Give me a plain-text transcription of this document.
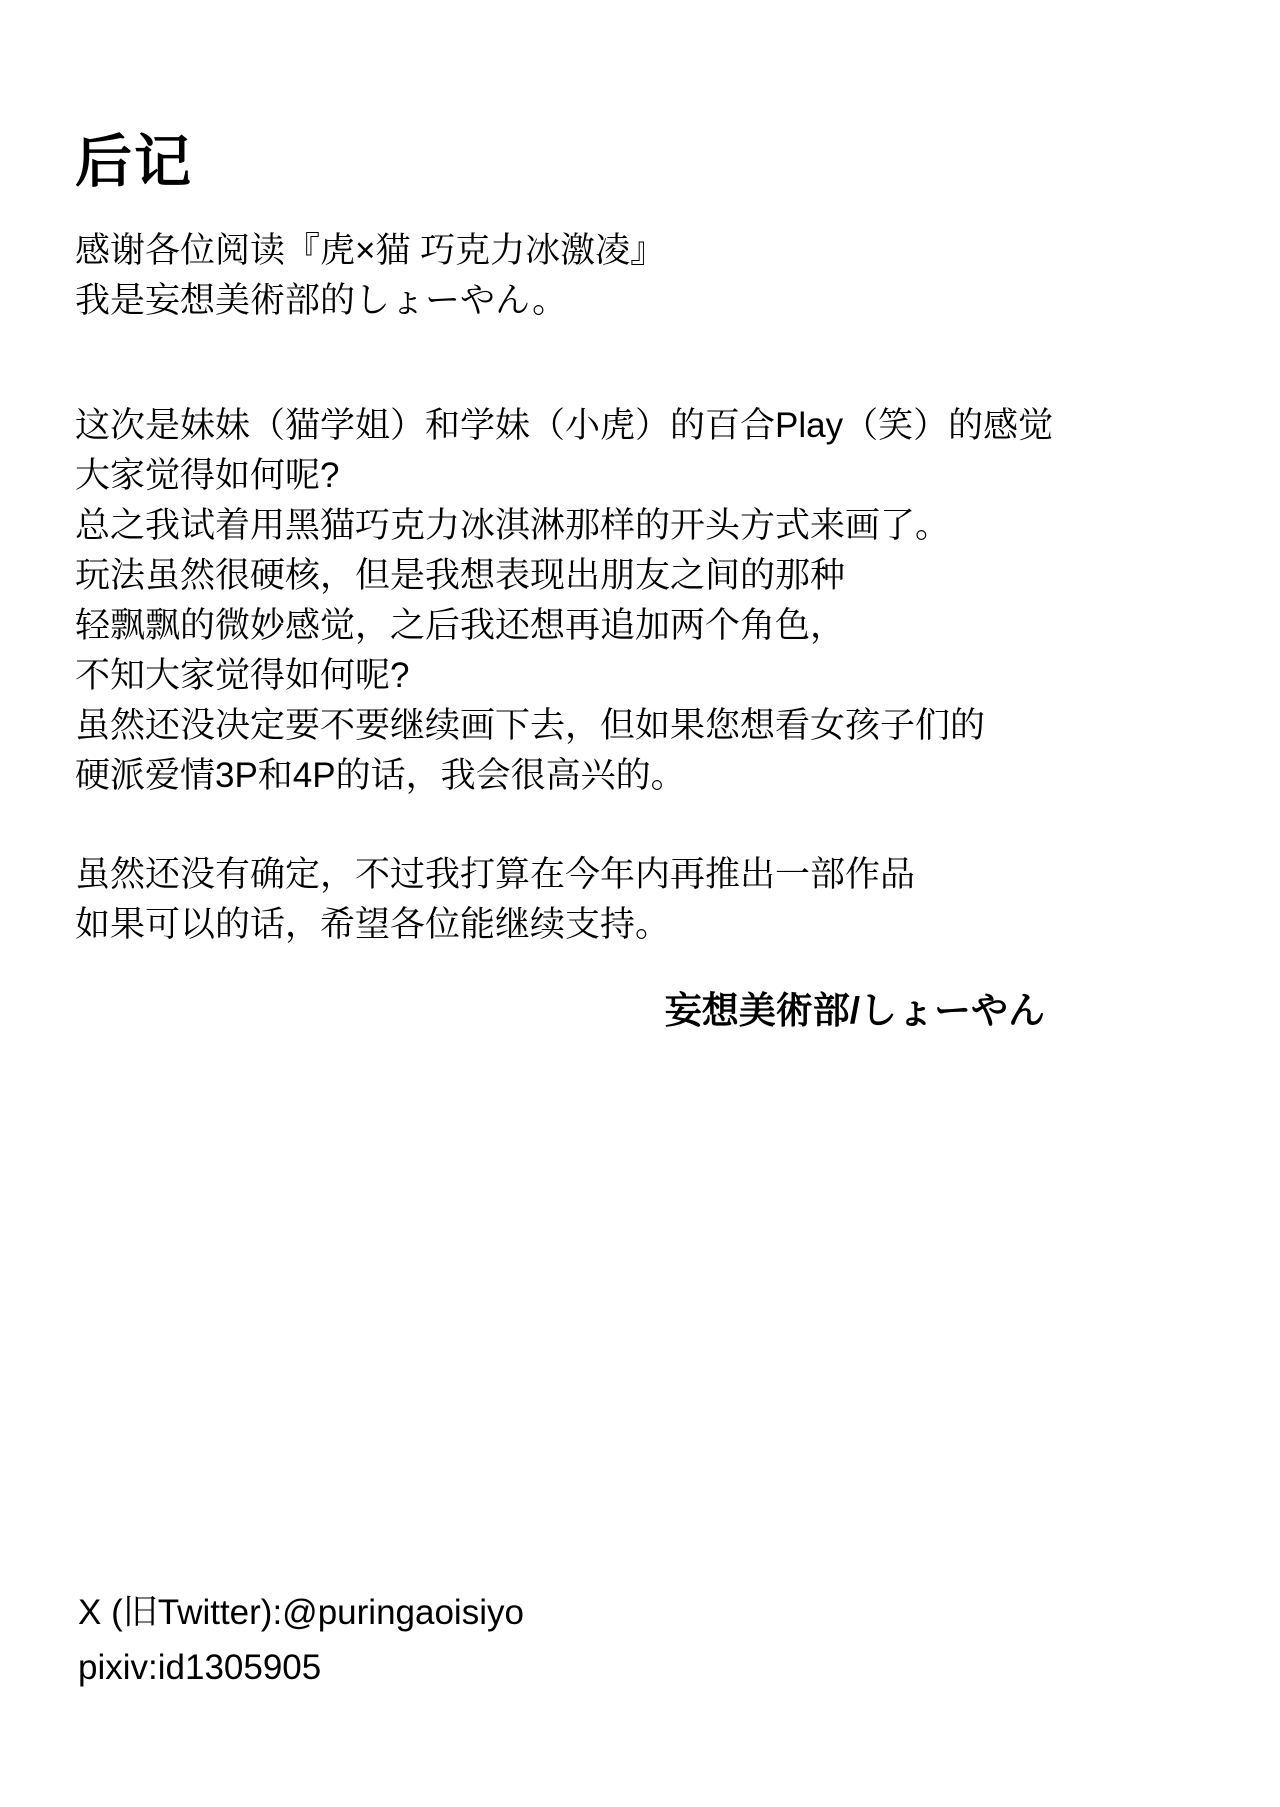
后记

感谢各位阅读『虎×猫 巧克力冰激凌』

我是妄想美術部的しょーやん。

这次是妹妹（猫学姐）和学妹（小虎）的百合Play（笑）的感觉

大家觉得如何呢?

总之我试着用黑猫巧克力冰淇淋那样的开头方式来画了。

玩法虽然很硬核，但是我想表现出朋友之间的那种

轻飘飘的微妙感觉，之后我还想再追加两个角色，

不知大家觉得如何呢?

虽然还没决定要不要继续画下去，但如果您想看女孩子们的

硬派爱情3P和4P的话，我会很高兴的。

虽然还没有确定，不过我打算在今年内再推出一部作品

如果可以的话，希望各位能继续支持。

妄想美術部/しょーやん

X (旧Twitter):@puringaoisiyo

pixiv:id1305905
